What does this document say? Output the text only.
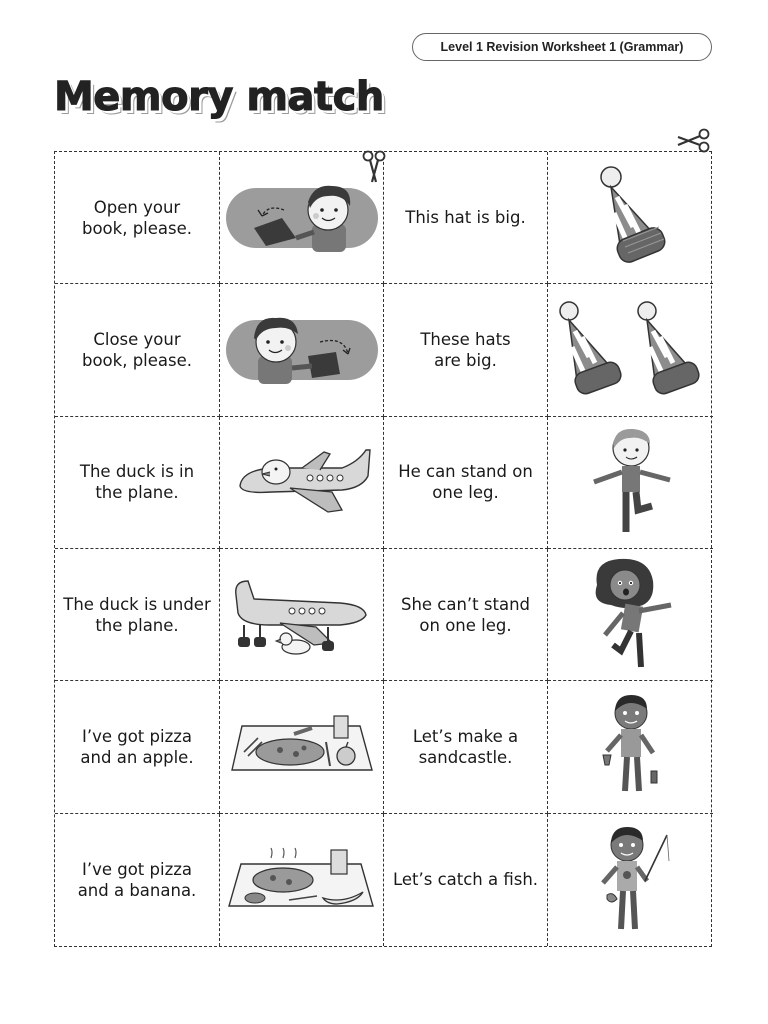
Level 1 Revision Worksheet 1 (Grammar)
Memory match
Open your
book, please.
This hat is big.
Close your
book, please.
These hats
are big.
The duck is in
the plane.
He can stand on
one leg.
The duck is under
the plane.
She can’t stand
on one leg.
I’ve got pizza
and an apple.
Let’s make a
sandcastle.
I’ve got pizza
and a banana.
Let’s catch a fish.
